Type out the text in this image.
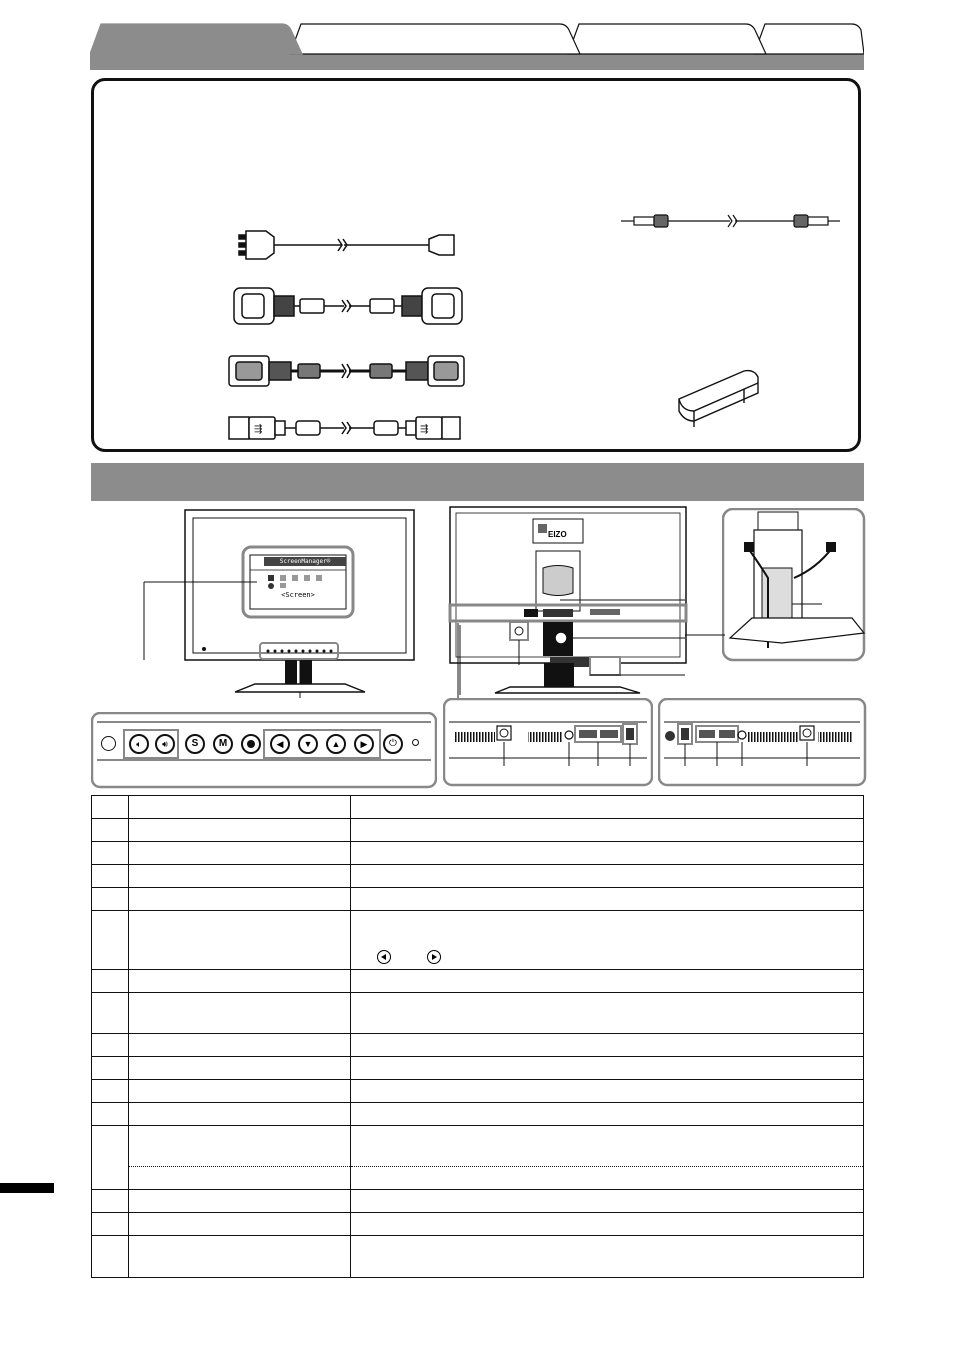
⇶	⇶
ScreenManager®
<Screen>
EIZO
🔈︎	🔊︎	S	M	◀	▼	▲	▶	⏻
